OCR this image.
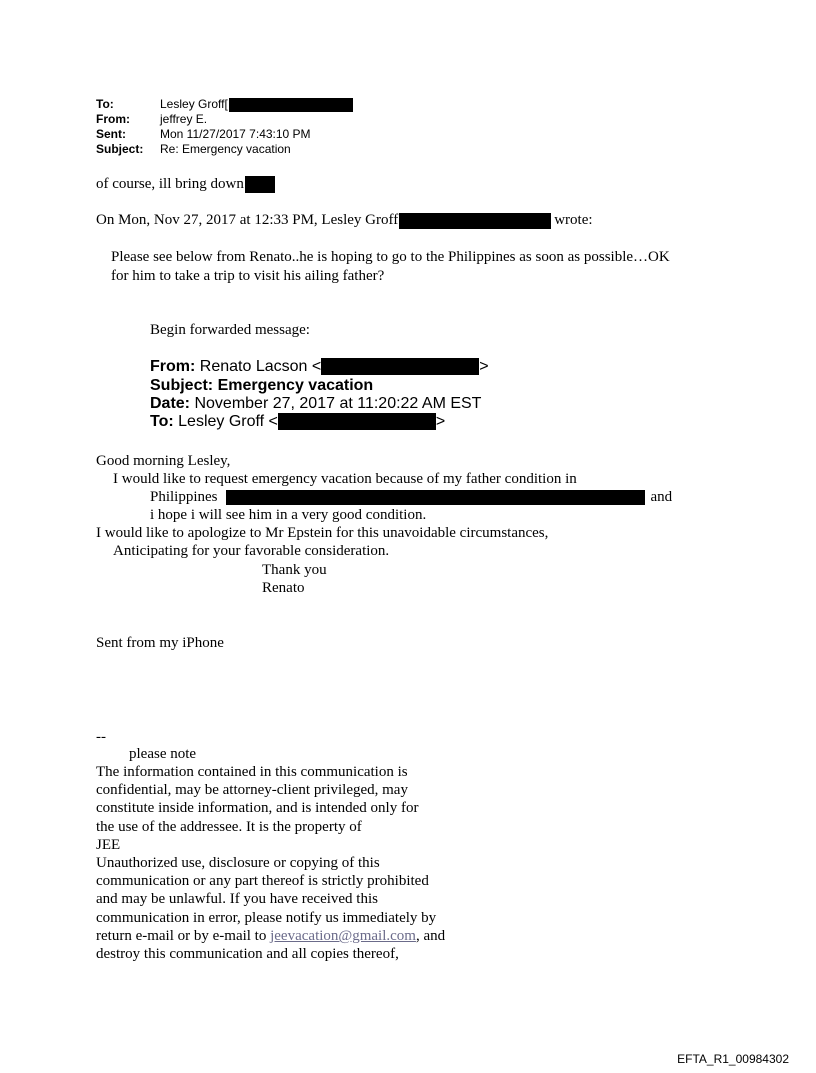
To:	Lesley Groff[
From:	jeffrey E.
Sent:	Mon 11/27/2017 7:43:10 PM
Subject: Re: Emergency vacation
of course, ill bring down
On Mon, Nov 27, 2017 at 12:33 PM, Lesley Groff	wrote:
Please see below from Renato..he is hoping to go to the Philippines as soon as possible…OK
for him to take a trip to visit his ailing father?
Begin forwarded message:
From: Renato Lacson <	>
Subject: Emergency vacation
Date: November 27, 2017 at 11:20:22 AM EST
To: Lesley Groff <	>
Good morning Lesley,
I would like to request emergency vacation because of my father condition in
Philippines	and
i hope i will see him in a very good condition.
I would like to apologize to Mr Epstein for this unavoidable circumstances,
Anticipating for your favorable consideration.
Thank you
Renato
Sent from my iPhone
--
please note
The information contained in this communication is
confidential, may be attorney-client privileged, may
constitute inside information, and is intended only for
the use of the addressee. It is the property of
JEE
Unauthorized use, disclosure or copying of this
communication or any part thereof is strictly prohibited
and may be unlawful. If you have received this
communication in error, please notify us immediately by
return e-mail or by e-mail to jeevacation@gmail.com, and
destroy this communication and all copies thereof,
EFTA_R1_00984302
